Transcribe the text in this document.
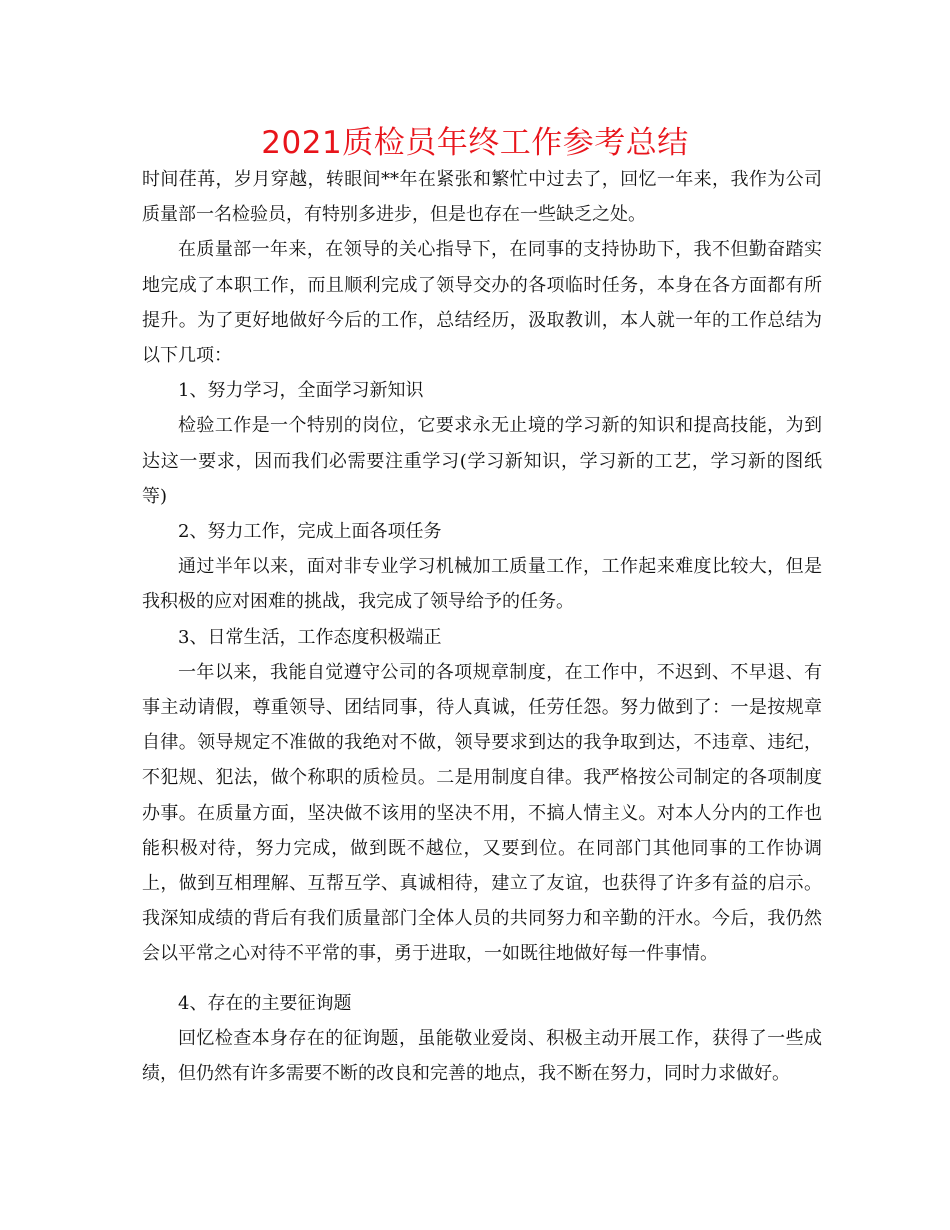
2021质检员年终工作参考总结

时间荏苒，岁月穿越，转眼间**年在紧张和繁忙中过去了，回忆一年来，我作为公司质量部一名检验员，有特别多进步，但是也存在一些缺乏之处。

在质量部一年来，在领导的关心指导下，在同事的支持协助下，我不但勤奋踏实地完成了本职工作，而且顺利完成了领导交办的各项临时任务，本身在各方面都有所提升。为了更好地做好今后的工作，总结经历，汲取教训，本人就一年的工作总结为以下几项：

1、努力学习，全面学习新知识

检验工作是一个特别的岗位，它要求永无止境的学习新的知识和提高技能，为到达这一要求，因而我们必需要注重学习(学习新知识，学习新的工艺，学习新的图纸等)

2、努力工作，完成上面各项任务

通过半年以来，面对非专业学习机械加工质量工作，工作起来难度比较大，但是我积极的应对困难的挑战，我完成了领导给予的任务。

3、日常生活，工作态度积极端正

一年以来，我能自觉遵守公司的各项规章制度，在工作中，不迟到、不早退、有事主动请假，尊重领导、团结同事，待人真诚，任劳任怨。努力做到了：一是按规章自律。领导规定不准做的我绝对不做，领导要求到达的我争取到达，不违章、违纪，不犯规、犯法，做个称职的质检员。二是用制度自律。我严格按公司制定的各项制度办事。在质量方面，坚决做不该用的坚决不用，不搞人情主义。对本人分内的工作也能积极对待，努力完成，做到既不越位，又要到位。在同部门其他同事的工作协调上，做到互相理解、互帮互学、真诚相待，建立了友谊，也获得了许多有益的启示。我深知成绩的背后有我们质量部门全体人员的共同努力和辛勤的汗水。今后，我仍然会以平常之心对待不平常的事，勇于进取，一如既往地做好每一件事情。

4、存在的主要征询题

回忆检查本身存在的征询题，虽能敬业爱岗、积极主动开展工作，获得了一些成绩，但仍然有许多需要不断的改良和完善的地点，我不断在努力，同时力求做好。
